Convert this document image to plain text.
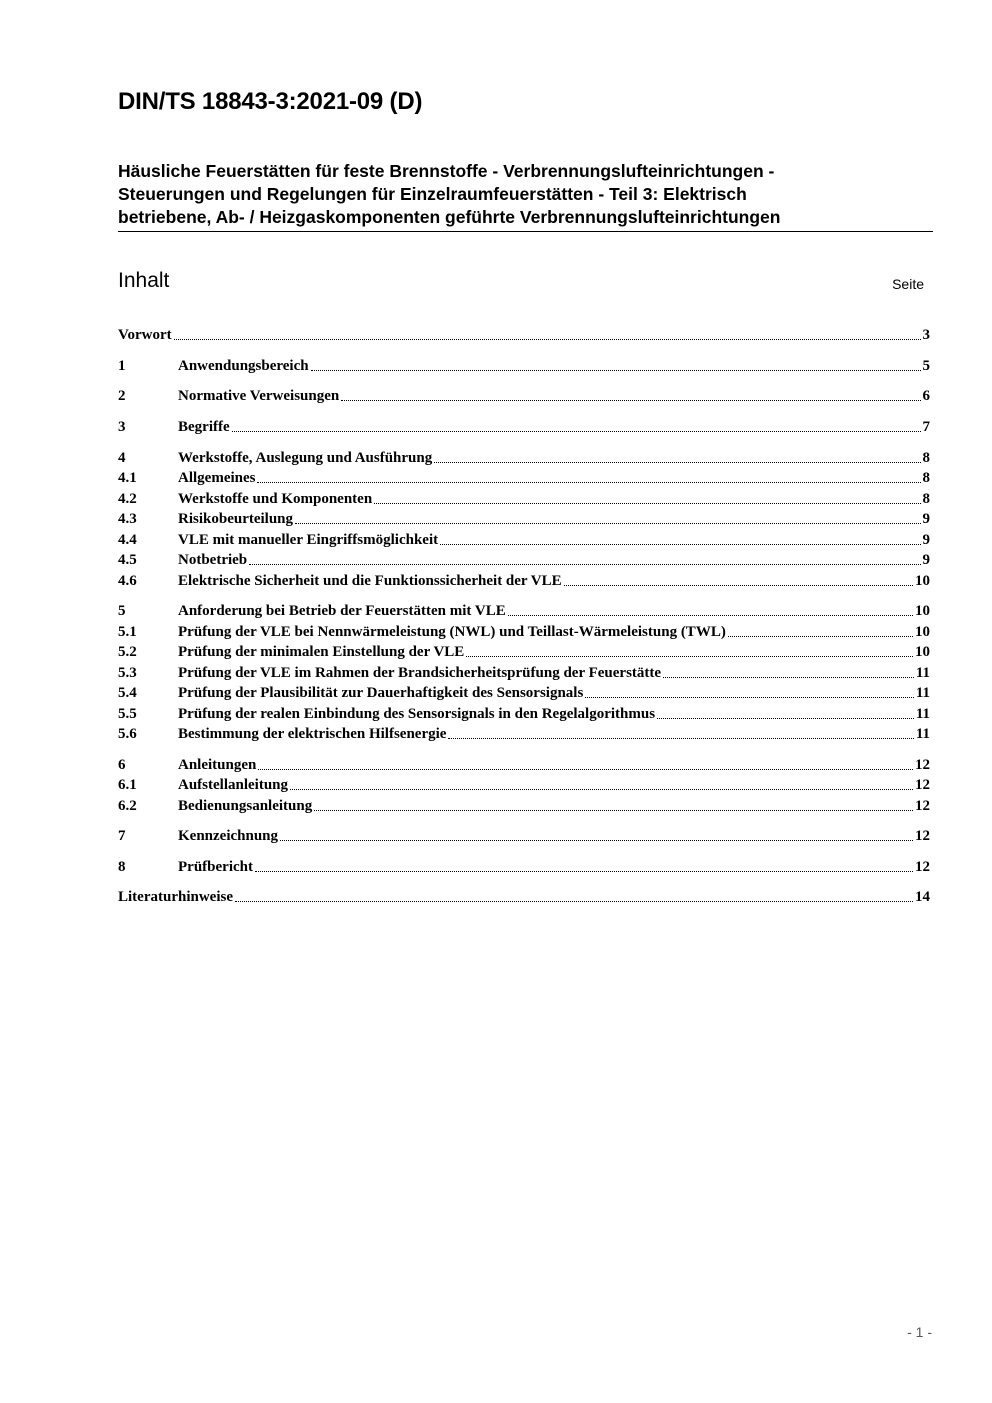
DIN/TS 18843-3:2021-09 (D)
Häusliche Feuerstätten für feste Brennstoffe - Verbrennungslufteinrichtungen -
Steuerungen und Regelungen für Einzelraumfeuerstätten - Teil 3: Elektrisch
betriebene, Ab- / Heizgaskomponenten geführte Verbrennungslufteinrichtungen
Inhalt	Seite
Vorwort	3
1	Anwendungsbereich	5
2	Normative Verweisungen	6
3	Begriffe	7
4	Werkstoffe, Auslegung und Ausführung	8
4.1	Allgemeines	8
4.2	Werkstoffe und Komponenten	8
4.3	Risikobeurteilung	9
4.4	VLE mit manueller Eingriffsmöglichkeit	9
4.5	Notbetrieb	9
4.6	Elektrische Sicherheit und die Funktionssicherheit der VLE	10
5	Anforderung bei Betrieb der Feuerstätten mit VLE	10
5.1	Prüfung der VLE bei Nennwärmeleistung (NWL) und Teillast-Wärmeleistung (TWL)	10
5.2	Prüfung der minimalen Einstellung der VLE	10
5.3	Prüfung der VLE im Rahmen der Brandsicherheitsprüfung der Feuerstätte	11
5.4	Prüfung der Plausibilität zur Dauerhaftigkeit des Sensorsignals	11
5.5	Prüfung der realen Einbindung des Sensorsignals in den Regelalgorithmus	11
5.6	Bestimmung der elektrischen Hilfsenergie	11
6	Anleitungen	12
6.1	Aufstellanleitung	12
6.2	Bedienungsanleitung	12
7	Kennzeichnung	12
8	Prüfbericht	12
Literaturhinweise	14
- 1 -
